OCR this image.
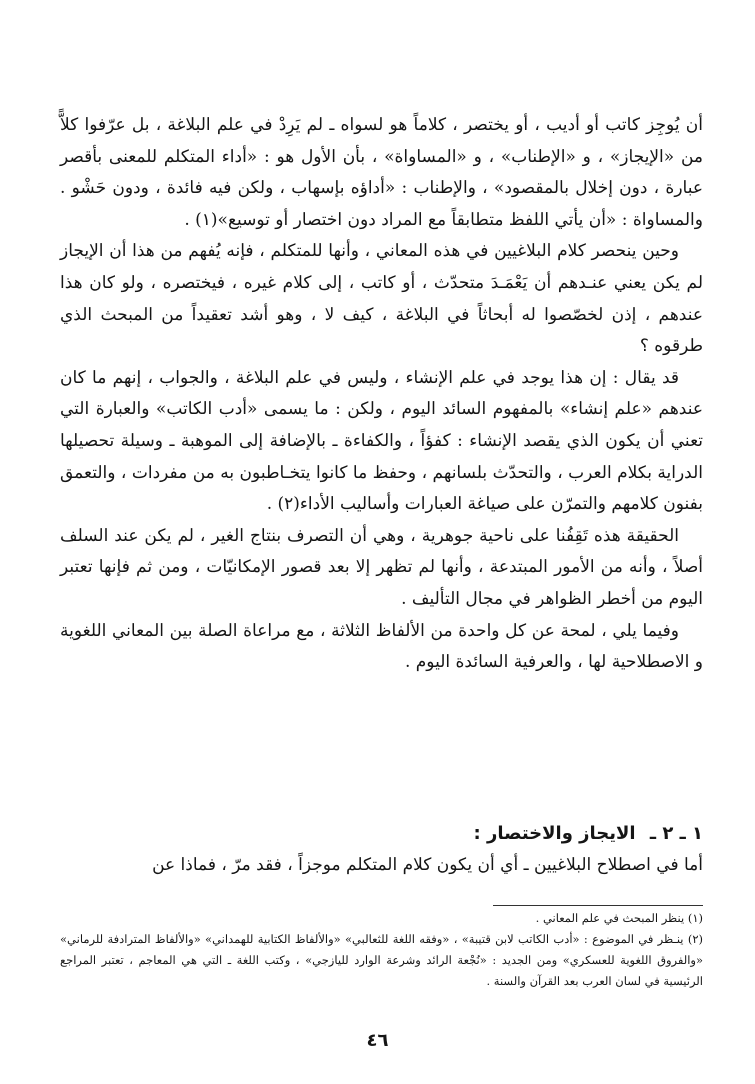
أن يُوجِز كاتب أو أديب ، أو يختصر ، كلاماً هو لسواه ـ لم يَرِدْ في علم البلاغة ، بل عرّفوا كلاًّ من «الإيجاز» ، و «الإطناب» ، و «المساواة» ، بأن الأول هو : «أداء المتكلم للمعنى بأقصر عبارة ، دون إخلال بالمقصود» ، والإطناب : «أداؤه بإسهاب ، ولكن فيه فائدة ، ودون حَشْو . والمساواة : «أن يأتي اللفظ متطابقاً مع المراد دون اختصار أو توسيع»(١) .

وحين ينحصر كلام البلاغيين في هذه المعاني ، وأنها للمتكلم ، فإنه يُفهم من هذا أن الإيجاز لم يكن يعني عنـدهم أن يَعْمَـدَ متحدّث ، أو كاتب ، إلى كلام غيره ، فيختصره ، ولو كان هذا عندهم ، إذن لخصّصوا له أبحاثاً في البلاغة ، كيف لا ، وهو أشد تعقيداً من المبحث الذي طرقوه ؟

قد يقال : إن هذا يوجد في علم الإنشاء ، وليس في علم البلاغة ، والجواب ، إنهم ما كان عندهم «علم إنشاء» بالمفهوم السائد اليوم ، ولكن : ما يسمى «أدب الكاتب» والعبارة التي تعني أن يكون الذي يقصد الإنشاء : كفؤاً ، والكفاءة ـ بالإضافة إلى الموهبة ـ وسيلة تحصيلها الدراية بكلام العرب ، والتحدّث بلسانهم ، وحفظ ما كانوا يتخـاطبون به من مفردات ، والتعمق بفنون كلامهم والتمرّن على صياغة العبارات وأساليب الأداء(٢) .

الحقيقة هذه تَقِفُنا على ناحية جوهرية ، وهي أن التصرف بنتاج الغير ، لم يكن عند السلف أصلاً ، وأنه من الأمور المبتدعة ، وأنها لم تظهر إلا بعد قصور الإمكانيّات ، ومن ثم فإنها تعتبر اليوم من أخطر الظواهر في مجال التأليف .

وفيما يلي ، لمحة عن كل واحدة من الألفاظ الثلاثة ، مع مراعاة الصلة بين المعاني اللغوية و الاصطلاحية لها ، والعرفية السائدة اليوم .

١ ـ ٢ ـ الايجاز والاختصار :

أما في اصطلاح البلاغيين ـ أي أن يكون كلام المتكلم موجزاً ، فقد مرّ ، فماذا عن

(١) ينظر المبحث في علم المعاني .

(٢) ينـظر في الموضوع : «أدب الكاتب لابن قتيبة» ، «وفقه اللغة للثعالبي» «والألفاظ الكتابية للهمداني» «والألفاظ المترادفة للرماني» «والفروق اللغوية للعسكري» ومن الجديد : «نُجْعة الرائد وشرعة الوارد لليازجي» ، وكتب اللغة ـ التي هي المعاجم ، تعتبر المراجع الرئيسية في لسان العرب بعد القرآن والسنة .

٤٦
